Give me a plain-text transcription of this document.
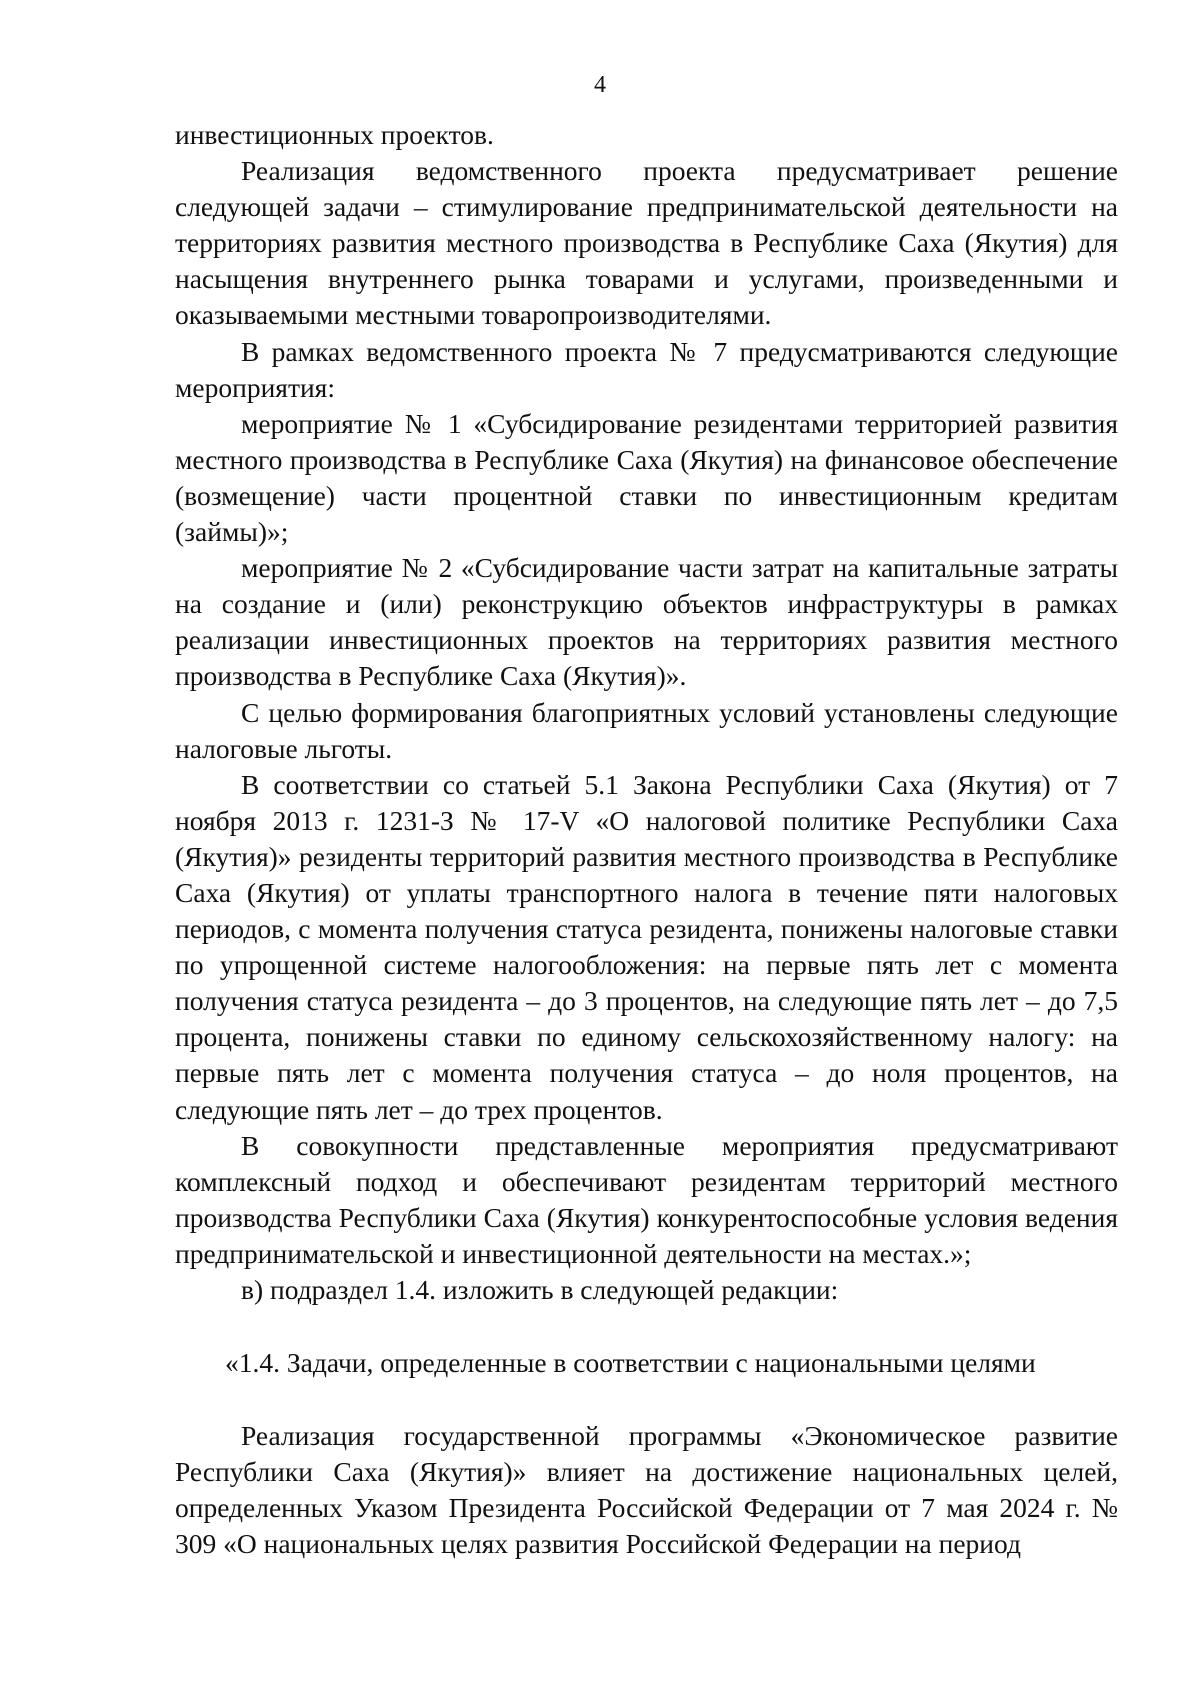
4

инвестиционных проектов.

Реализация ведомственного проекта предусматривает решение следующей задачи – стимулирование предпринимательской деятельности на территориях развития местного производства в Республике Саха (Якутия) для насыщения внутреннего рынка товарами и услугами, произведенными и оказываемыми местными товаропроизводителями.

В рамках ведомственного проекта № 7 предусматриваются следующие мероприятия:

мероприятие № 1 «Субсидирование резидентами территорией развития местного производства в Республике Саха (Якутия) на финансовое обеспечение (возмещение) части процентной ставки по инвестиционным кредитам (займы)»;

мероприятие № 2 «Субсидирование части затрат на капитальные затраты на создание и (или) реконструкцию объектов инфраструктуры в рамках реализации инвестиционных проектов на территориях развития местного производства в Республике Саха (Якутия)».

С целью формирования благоприятных условий установлены следующие налоговые льготы.

В соответствии со статьей 5.1 Закона Республики Саха (Якутия) от 7 ноября 2013 г. 1231-З № 17-V «О налоговой политике Республики Саха (Якутия)» резиденты территорий развития местного производства в Республике Саха (Якутия) от уплаты транспортного налога в течение пяти налоговых периодов, с момента получения статуса резидента, понижены налоговые ставки по упрощенной системе налогообложения: на первые пять лет с момента получения статуса резидента – до 3 процентов, на следующие пять лет – до 7,5 процента, понижены ставки по единому сельскохозяйственному налогу: на первые пять лет с момента получения статуса – до ноля процентов, на следующие пять лет – до трех процентов.

В совокупности представленные мероприятия предусматривают комплексный подход и обеспечивают резидентам территорий местного производства Республики Саха (Якутия) конкурентоспособные условия ведения предпринимательской и инвестиционной деятельности на местах.»;

в) подраздел 1.4. изложить в следующей редакции:

«1.4. Задачи, определенные в соответствии с национальными целями

Реализация государственной программы «Экономическое развитие Республики Саха (Якутия)» влияет на достижение национальных целей, определенных Указом Президента Российской Федерации от 7 мая 2024 г. № 309 «О национальных целях развития Российской Федерации на период
